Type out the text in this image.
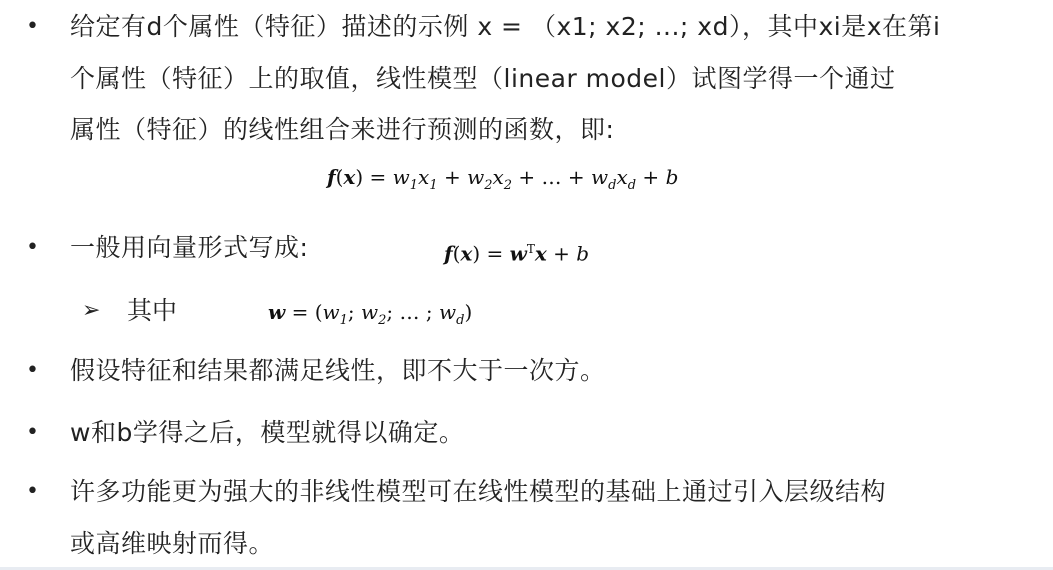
• 给定有d个属性（特征）描述的示例 x = （x1; x2; ...; xd），其中xi是x在第i
个属性（特征）上的取值，线性模型（linear model）试图学得一个通过
属性（特征）的线性组合来进行预测的函数，即:
$f(x) = w_1x_1 + w_2x_2$ + … + $w_dx_d + b$
• 一般用向量形式写成:	$f(x) = w^Tx + b$
➢ 其中	$w = (w_1$; $w_2$; … ; $w_d$)
• 假设特征和结果都满足线性，即不大于一次方。
• w和b学得之后，模型就得以确定。
• 许多功能更为强大的非线性模型可在线性模型的基础上通过引入层级结构
或高维映射而得。
